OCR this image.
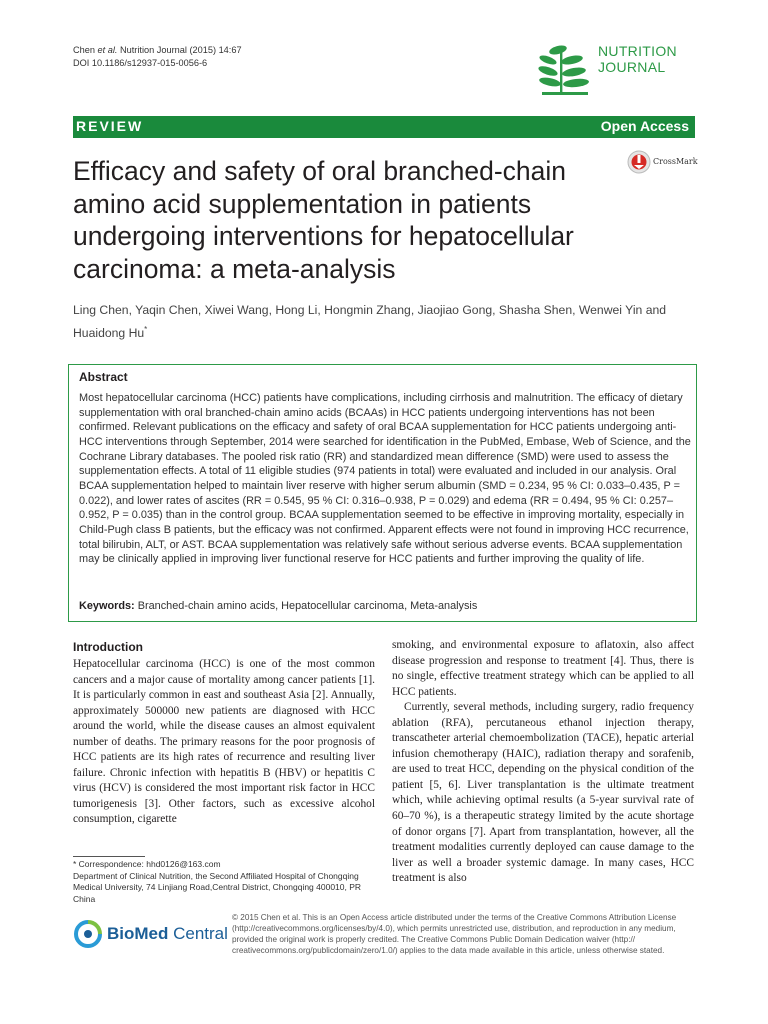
Chen et al. Nutrition Journal (2015) 14:67
DOI 10.1186/s12937-015-0056-6
NUTRITION
JOURNAL
REVIEW	Open Access
Efficacy and safety of oral branched-chain amino acid supplementation in patients undergoing interventions for hepatocellular carcinoma: a meta-analysis
CrossMark
Ling Chen, Yaqin Chen, Xiwei Wang, Hong Li, Hongmin Zhang, Jiaojiao Gong, Shasha Shen, Wenwei Yin and Huaidong Hu*
Abstract
Most hepatocellular carcinoma (HCC) patients have complications, including cirrhosis and malnutrition. The efficacy of dietary supplementation with oral branched-chain amino acids (BCAAs) in HCC patients undergoing interventions has not been confirmed. Relevant publications on the efficacy and safety of oral BCAA supplementation for HCC patients undergoing anti-HCC interventions through September, 2014 were searched for identification in the PubMed, Embase, Web of Science, and the Cochrane Library databases. The pooled risk ratio (RR) and standardized mean difference (SMD) were used to assess the supplementation effects. A total of 11 eligible studies (974 patients in total) were evaluated and included in our analysis. Oral BCAA supplementation helped to maintain liver reserve with higher serum albumin (SMD = 0.234, 95 % CI: 0.033–0.435, P = 0.022), and lower rates of ascites (RR = 0.545, 95 % CI: 0.316–0.938, P = 0.029) and edema (RR = 0.494, 95 % CI: 0.257–0.952, P = 0.035) than in the control group. BCAA supplementation seemed to be effective in improving mortality, especially in Child-Pugh class B patients, but the efficacy was not confirmed. Apparent effects were not found in improving HCC recurrence, total bilirubin, ALT, or AST. BCAA supplementation was relatively safe without serious adverse events. BCAA supplementation may be clinically applied in improving liver functional reserve for HCC patients and further improving the quality of life.
Keywords: Branched-chain amino acids, Hepatocellular carcinoma, Meta-analysis
Introduction

Hepatocellular carcinoma (HCC) is one of the most common cancers and a major cause of mortality among cancer patients [1]. It is particularly common in east and southeast Asia [2]. Annually, approximately 500000 new patients are diagnosed with HCC around the world, while the disease causes an almost equivalent number of deaths. The primary reasons for the poor prognosis of HCC patients are its high rates of recurrence and resulting liver failure. Chronic infection with hepatitis B (HBV) or hepatitis C virus (HCV) is considered the most important risk factor in HCC tumorigenesis [3]. Other factors, such as excessive alcohol consumption, cigarette

smoking, and environmental exposure to aflatoxin, also affect disease progression and response to treatment [4]. Thus, there is no single, effective treatment strategy which can be applied to all HCC patients.

Currently, several methods, including surgery, radio frequency ablation (RFA), percutaneous ethanol injection therapy, transcatheter arterial chemoembolization (TACE), hepatic arterial infusion chemotherapy (HAIC), radiation therapy and sorafenib, are used to treat HCC, depending on the physical condition of the patient [5, 6]. Liver transplantation is the ultimate treatment which, while achieving optimal results (a 5-year survival rate of 60–70 %), is a therapeutic strategy limited by the acute shortage of donor organs [7]. Apart from transplantation, however, all the treatment modalities currently deployed can cause damage to the liver as well a broader systemic damage. In many cases, HCC treatment is also

* Correspondence: hhd0126@163.com
Department of Clinical Nutrition, the Second Affiliated Hospital of Chongqing Medical University, 74 Linjiang Road,Central District, Chongqing 400010, PR China
BioMed Central
© 2015 Chen et al. This is an Open Access article distributed under the terms of the Creative Commons Attribution License (http://creativecommons.org/licenses/by/4.0), which permits unrestricted use, distribution, and reproduction in any medium, provided the original work is properly credited. The Creative Commons Public Domain Dedication waiver (http:// creativecommons.org/publicdomain/zero/1.0/) applies to the data made available in this article, unless otherwise stated.
